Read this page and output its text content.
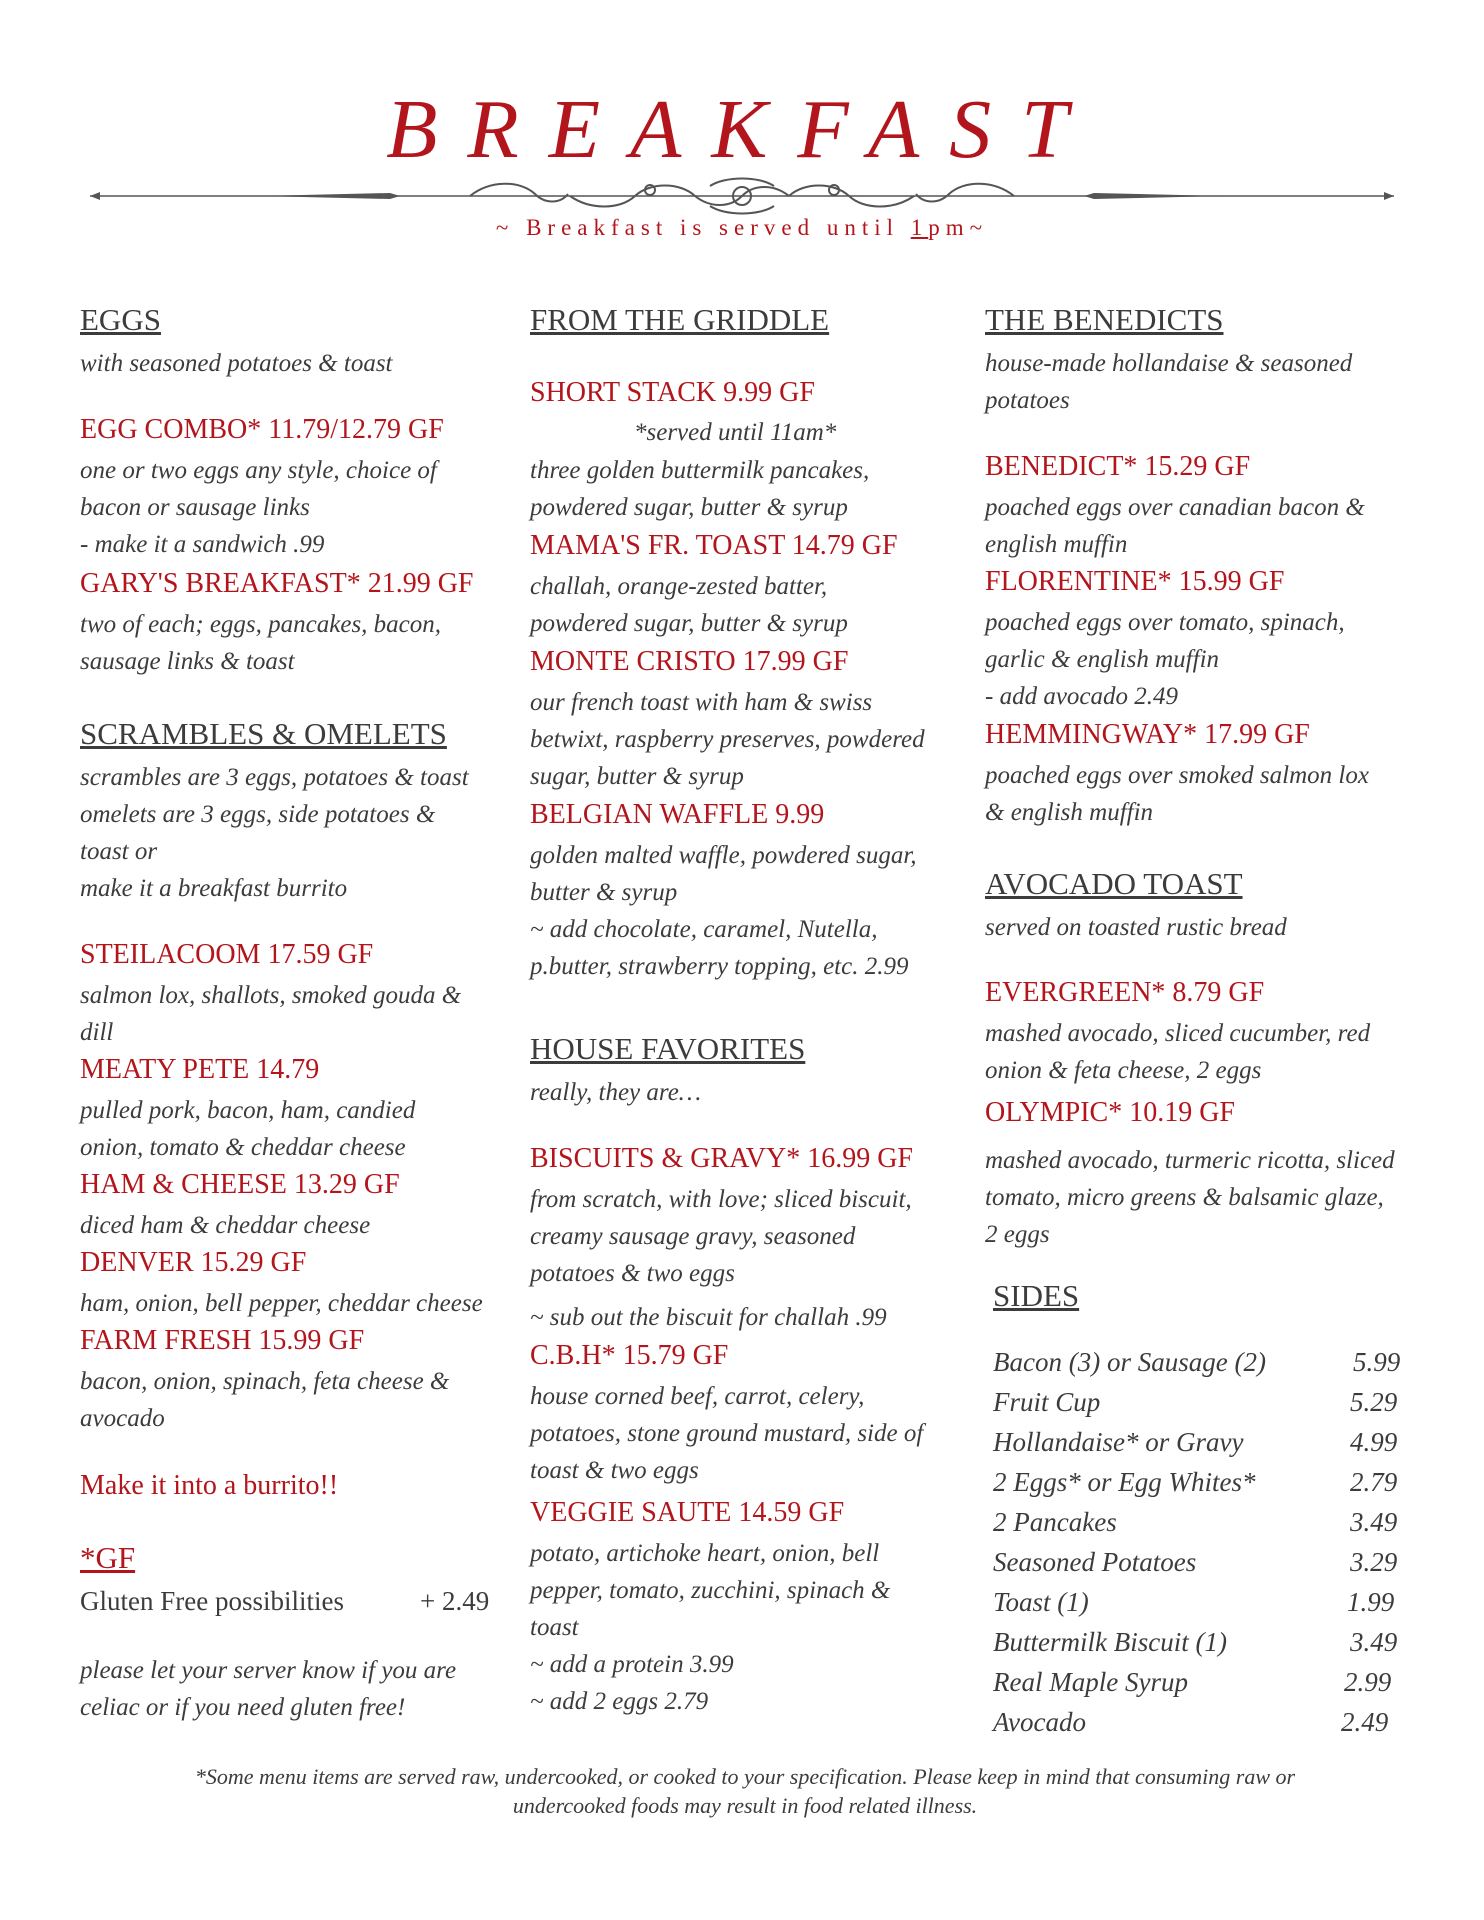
BREAKFAST
~ Breakfast is served until 1pm~
EGGS
with seasoned potatoes & toast
EGG COMBO* 11.79/12.79 GF
one or two eggs any style, choice of
bacon or sausage links
- make it a sandwich .99
GARY'S BREAKFAST* 21.99 GF
two of each; eggs, pancakes, bacon,
sausage links & toast
SCRAMBLES & OMELETS
scrambles are 3 eggs, potatoes & toast
omelets are 3 eggs, side potatoes &
toast or
make it a breakfast burrito
STEILACOOM 17.59 GF
salmon lox, shallots, smoked gouda &
dill
MEATY PETE 14.79
pulled pork, bacon, ham, candied
onion, tomato & cheddar cheese
HAM & CHEESE 13.29 GF
diced ham & cheddar cheese
DENVER 15.29 GF
ham, onion, bell pepper, cheddar cheese
FARM FRESH 15.99 GF
bacon, onion, spinach, feta cheese &
avocado
Make it into a burrito!!
*GF
Gluten Free possibilities	+ 2.49
please let your server know if you are
celiac or if you need gluten free!
FROM THE GRIDDLE
SHORT STACK 9.99 GF
*served until 11am*
three golden buttermilk pancakes,
powdered sugar, butter & syrup
MAMA'S FR. TOAST 14.79 GF
challah, orange-zested batter,
powdered sugar, butter & syrup
MONTE CRISTO 17.99 GF
our french toast with ham & swiss
betwixt, raspberry preserves, powdered
sugar, butter & syrup
BELGIAN WAFFLE 9.99
golden malted waffle, powdered sugar,
butter & syrup
~ add chocolate, caramel, Nutella,
p.butter, strawberry topping, etc. 2.99
HOUSE FAVORITES
really, they are…
BISCUITS & GRAVY* 16.99 GF
from scratch, with love; sliced biscuit,
creamy sausage gravy, seasoned
potatoes & two eggs
~ sub out the biscuit for challah .99
C.B.H* 15.79 GF
house corned beef, carrot, celery,
potatoes, stone ground mustard, side of
toast & two eggs
VEGGIE SAUTE 14.59 GF
potato, artichoke heart, onion, bell
pepper, tomato, zucchini, spinach &
toast
~ add a protein 3.99
~ add 2 eggs 2.79
THE BENEDICTS
house-made hollandaise & seasoned
potatoes
BENEDICT* 15.29 GF
poached eggs over canadian bacon &
english muffin
FLORENTINE* 15.99 GF
poached eggs over tomato, spinach,
garlic & english muffin
- add avocado 2.49
HEMMINGWAY* 17.99 GF
poached eggs over smoked salmon lox
& english muffin
AVOCADO TOAST
served on toasted rustic bread
EVERGREEN* 8.79 GF
mashed avocado, sliced cucumber, red
onion & feta cheese, 2 eggs
OLYMPIC* 10.19 GF
mashed avocado, turmeric ricotta, sliced
tomato, micro greens & balsamic glaze,
2 eggs
SIDES
Bacon (3) or Sausage (2)	5.99
Fruit Cup	5.29
Hollandaise* or Gravy	4.99
2 Eggs* or Egg Whites*	2.79
2 Pancakes	3.49
Seasoned Potatoes	3.29
Toast (1)	1.99
Buttermilk Biscuit (1)	3.49
Real Maple Syrup	2.99
Avocado	2.49
*Some menu items are served raw, undercooked, or cooked to your specification. Please keep in mind that consuming raw or
undercooked foods may result in food related illness.
